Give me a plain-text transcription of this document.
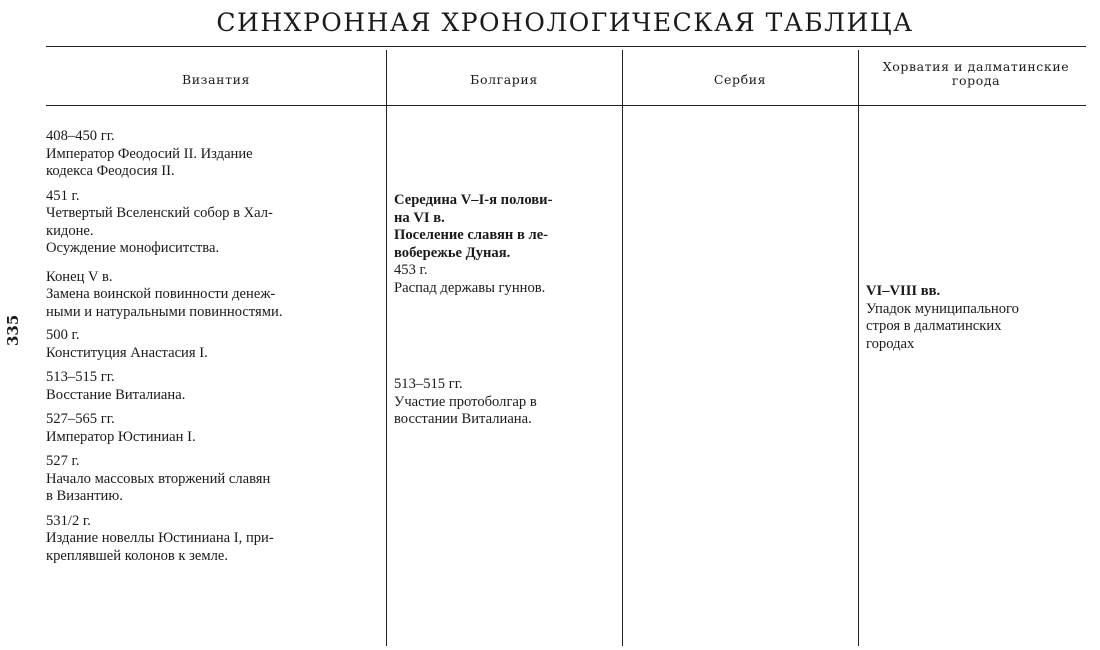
СИНХРОННАЯ ХРОНОЛОГИЧЕСКАЯ ТАБЛИЦА
335
Византия	Болгария	Сербия
Хорватия и далматинские
города
408–450 гг.
Император Феодосий II. Издание
кодекса Феодосия II.
451 г.
Четвертый Вселенский собор в Хал-
кидоне.
Осуждение монофиситства.
Конец V в.
Замена воинской повинности денеж-
ными и натуральными повинностями.
500 г.
Конституция Анастасия I.
513–515 гг.
Восстание Виталиана.
527–565 гг.
Император Юстиниан I.
527 г.
Начало массовых вторжений славян
в Византию.
531/2 г.
Издание новеллы Юстиниана I, при-
креплявшей колонов к земле.
Середина V–I-я полови-
на VI в.
Поселение славян в ле-
вобережье Дуная.
453 г.
Распад державы гуннов.
513–515 гг.
Участие протоболгар в
восстании Виталиана.
VI–VIII вв.
Упадок муниципального
строя в далматинских
городах
